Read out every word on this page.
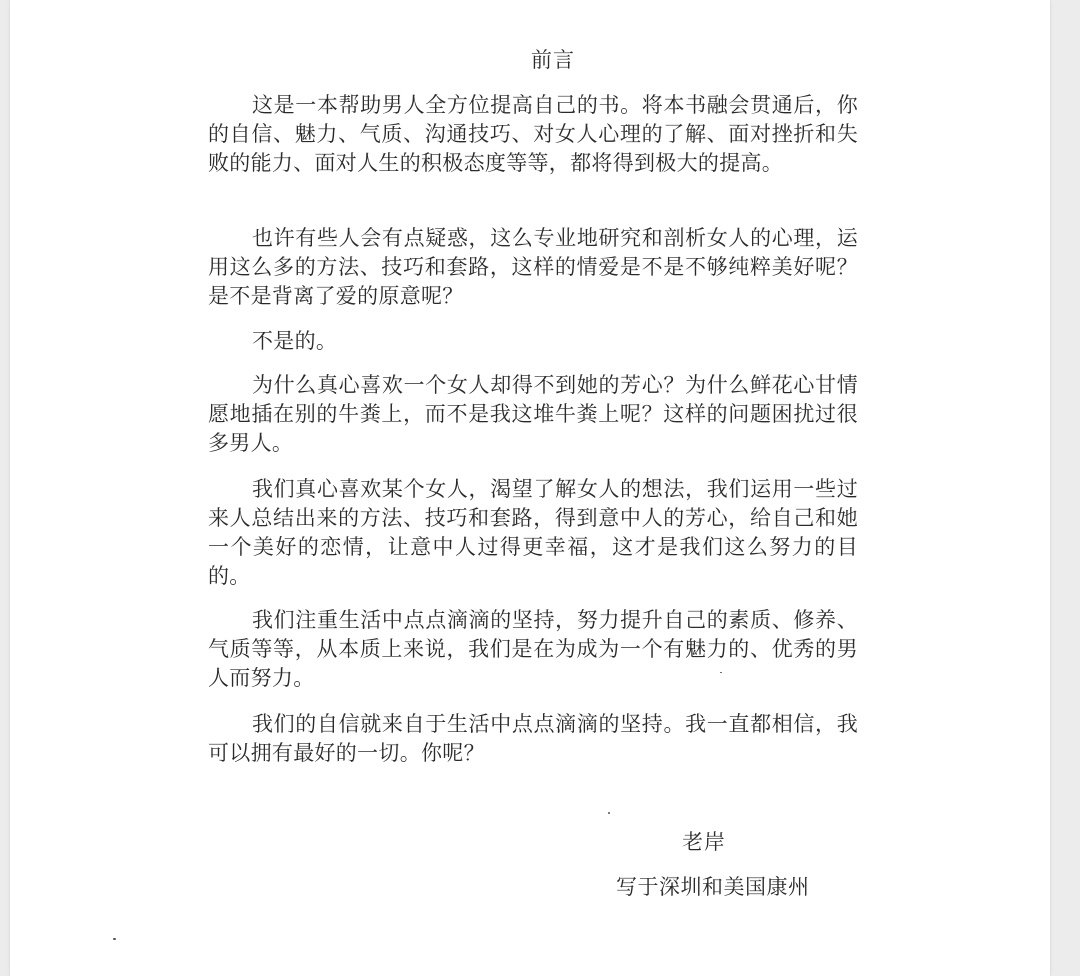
前言

这是一本帮助男人全方位提高自己的书。将本书融会贯通后，你的自信、魅力、气质、沟通技巧、对女人心理的了解、面对挫折和失败的能力、面对人生的积极态度等等，都将得到极大的提高。

也许有些人会有点疑惑，这么专业地研究和剖析女人的心理，运用这么多的方法、技巧和套路，这样的情爱是不是不够纯粹美好呢？是不是背离了爱的原意呢？

不是的。

为什么真心喜欢一个女人却得不到她的芳心？为什么鲜花心甘情愿地插在别的牛粪上，而不是我这堆牛粪上呢？这样的问题困扰过很多男人。

我们真心喜欢某个女人，渴望了解女人的想法，我们运用一些过来人总结出来的方法、技巧和套路，得到意中人的芳心，给自己和她一个美好的恋情，让意中人过得更幸福，这才是我们这么努力的目的。

我们注重生活中点点滴滴的坚持，努力提升自己的素质、修养、气质等等，从本质上来说，我们是在为成为一个有魅力的、优秀的男人而努力。

我们的自信就来自于生活中点点滴滴的坚持。我一直都相信，我可以拥有最好的一切。你呢？

老岸
写于深圳和美国康州
